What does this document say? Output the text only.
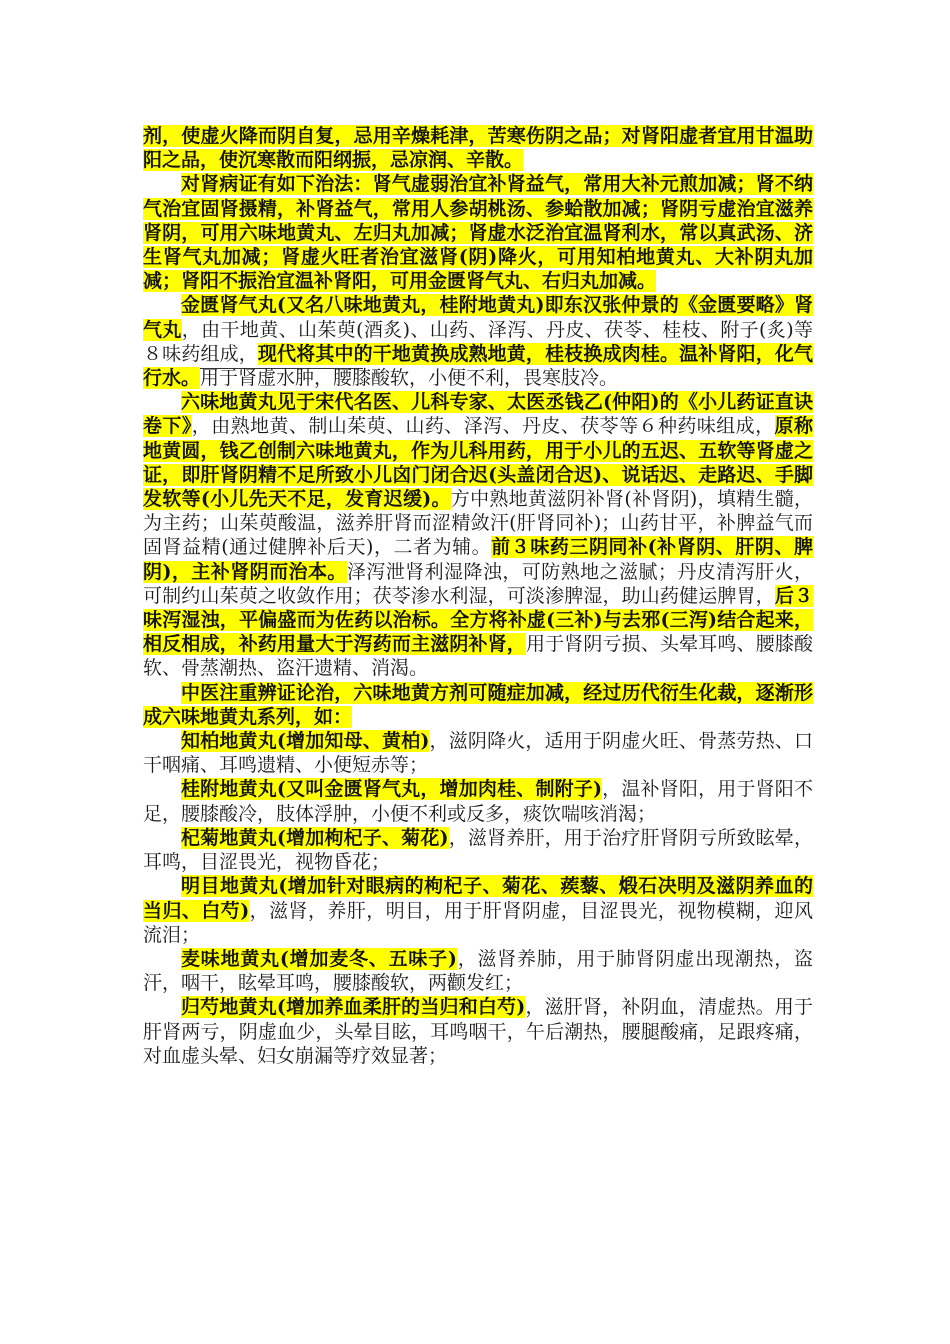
剂，使虚火降而阴自复，忌用辛燥耗津，苦寒伤阴之品；对肾阳虚者宜用甘温助阳之品，使沉寒散而阳纲振，忌凉润、辛散。

对肾病证有如下治法：肾气虚弱治宜补肾益气，常用大补元煎加减；肾不纳气治宜固肾摄精，补肾益气，常用人参胡桃汤、参蛤散加减；肾阴亏虚治宜滋养肾阴，可用六味地黄丸、左归丸加减；肾虚水泛治宜温肾利水，常以真武汤、济生肾气丸加减；肾虚火旺者治宜滋肾(阴)降火，可用知柏地黄丸、大补阴丸加减；肾阳不振治宜温补肾阳，可用金匮肾气丸、右归丸加减。

金匮肾气丸(又名八味地黄丸，桂附地黄丸)即东汉张仲景的《金匮要略》肾气丸，由干地黄、山茱萸(酒炙)、山药、泽泻、丹皮、茯苓、桂枝、附子(炙)等８味药组成，现代将其中的干地黄换成熟地黄，桂枝换成肉桂。温补肾阳，化气行水。用于肾虚水肿，腰膝酸软，小便不利，畏寒肢冷。

六味地黄丸见于宋代名医、儿科专家、太医丞钱乙(仲阳)的《小儿药证直诀卷下》，由熟地黄、制山茱萸、山药、泽泻、丹皮、茯苓等６种药味组成，原称地黄圆，钱乙创制六味地黄丸，作为儿科用药，用于小儿的五迟、五软等肾虚之证，即肝肾阴精不足所致小儿囟门闭合迟(头盖闭合迟)、说话迟、走路迟、手脚发软等(小儿先天不足，发育迟缓)。方中熟地黄滋阴补肾(补肾阴)，填精生髓，为主药；山茱萸酸温，滋养肝肾而涩精敛汗(肝肾同补)；山药甘平，补脾益气而固肾益精(通过健脾补后天)，二者为辅。前３味药三阴同补(补肾阴、肝阴、脾阴)，主补肾阴而治本。泽泻泄肾利湿降浊，可防熟地之滋腻；丹皮清泻肝火，可制约山茱萸之收敛作用；茯苓渗水利湿，可淡渗脾湿，助山药健运脾胃，后３味泻湿浊，平偏盛而为佐药以治标。全方将补虚(三补)与去邪(三泻)结合起来，相反相成，补药用量大于泻药而主滋阴补肾，用于肾阴亏损、头晕耳鸣、腰膝酸软、骨蒸潮热、盗汗遗精、消渴。

中医注重辨证论治，六味地黄方剂可随症加减，经过历代衍生化裁，逐渐形成六味地黄丸系列，如：

知柏地黄丸(增加知母、黄柏)，滋阴降火，适用于阴虚火旺、骨蒸劳热、口干咽痛、耳鸣遗精、小便短赤等；

桂附地黄丸(又叫金匮肾气丸，增加肉桂、制附子)，温补肾阳，用于肾阳不足，腰膝酸冷，肢体浮肿，小便不利或反多，痰饮喘咳消渴；

杞菊地黄丸(增加枸杞子、菊花)，滋肾养肝，用于治疗肝肾阴亏所致眩晕，耳鸣，目涩畏光，视物昏花；

明目地黄丸(增加针对眼病的枸杞子、菊花、蒺藜、煅石决明及滋阴养血的当归、白芍)，滋肾，养肝，明目，用于肝肾阴虚，目涩畏光，视物模糊，迎风流泪；

麦味地黄丸(增加麦冬、五味子)，滋肾养肺，用于肺肾阴虚出现潮热，盗汗，咽干，眩晕耳鸣，腰膝酸软，两颧发红；

归芍地黄丸(增加养血柔肝的当归和白芍)，滋肝肾，补阴血，清虚热。用于肝肾两亏，阴虚血少，头晕目眩，耳鸣咽干，午后潮热，腰腿酸痛，足跟疼痛，对血虚头晕、妇女崩漏等疗效显著；
